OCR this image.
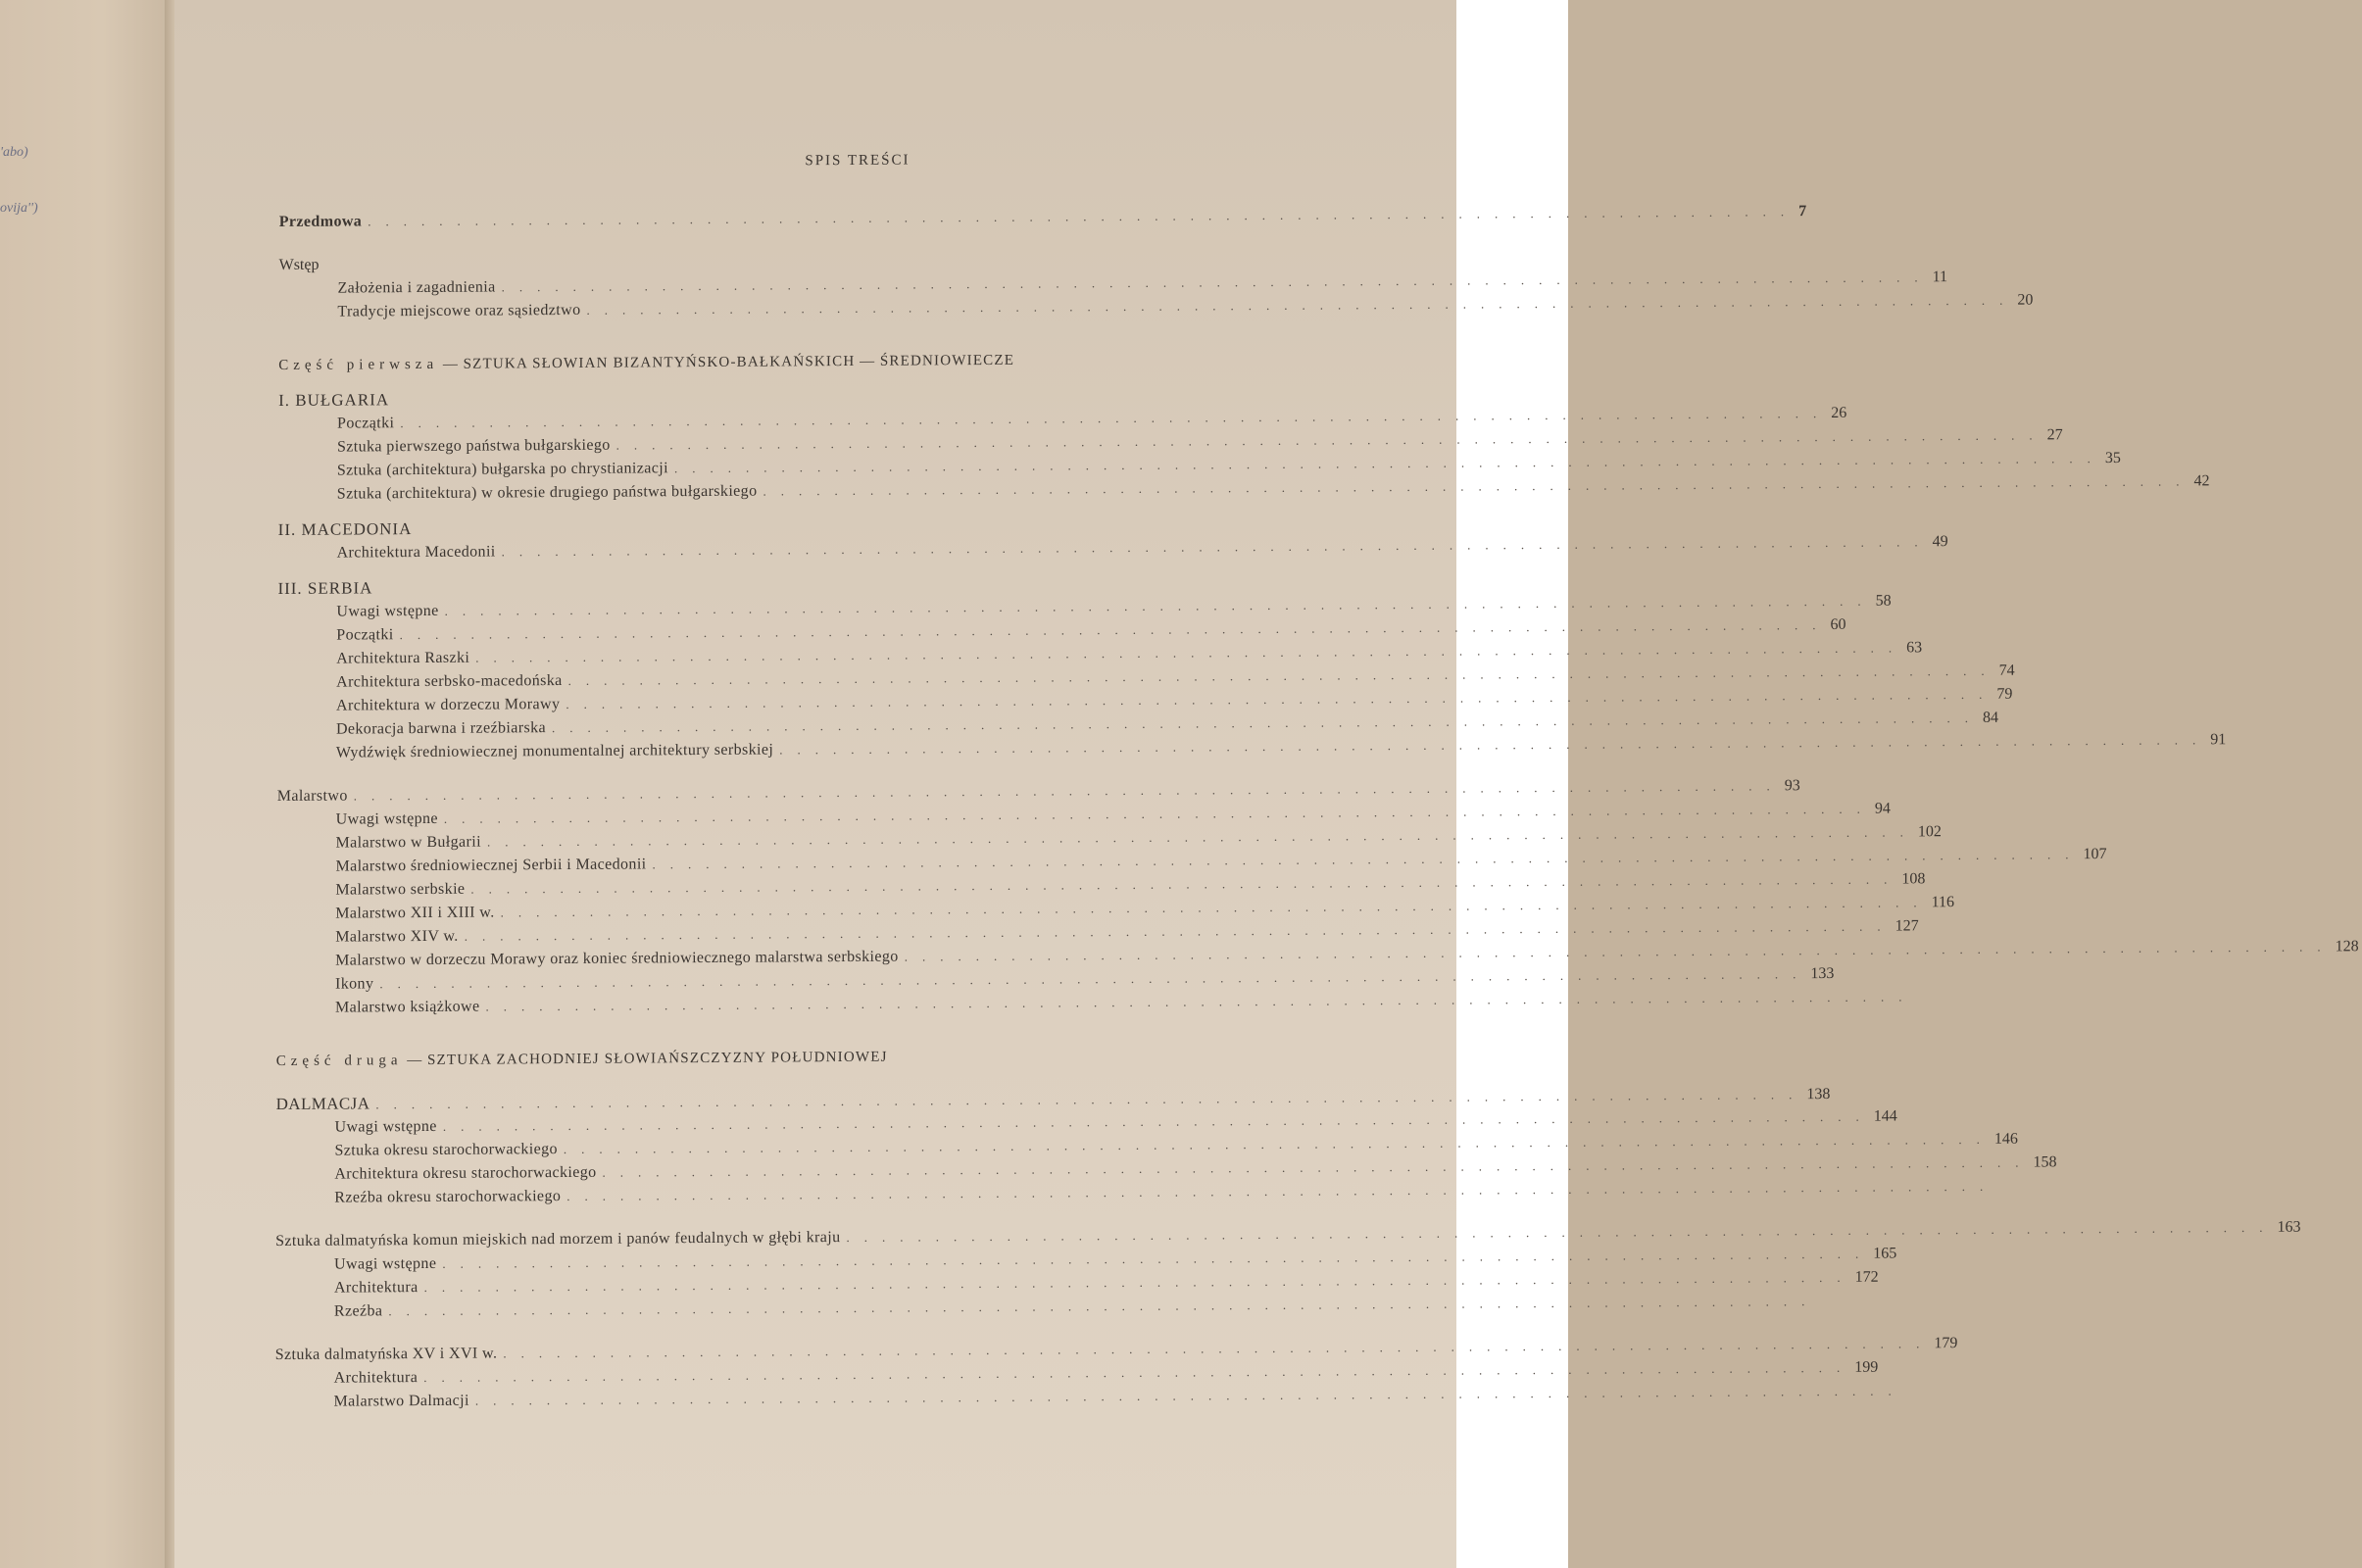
'abo)
ovija'')
SPIS TREŚCI
Przedmowa ................................................................................ 7
Wstęp
Założenia i zagadnienia ................................................................................ 11
Tradycje miejscowe oraz sąsiedztwo ................................................................................ 20
Część pierwsza — SZTUKA SŁOWIAN BIZANTYŃSKO-BAŁKAŃSKICH — ŚREDNIOWIECZE
I. BUŁGARIA
Początki ................................................................................ 26
Sztuka pierwszego państwa bułgarskiego ................................................................................ 27
Sztuka (architektura) bułgarska po chrystianizacji ................................................................................ 35
Sztuka (architektura) w okresie drugiego państwa bułgarskiego ................................................................................ 42
II. MACEDONIA
Architektura Macedonii ................................................................................ 49
III. SERBIA
Uwagi wstępne ................................................................................ 58
Początki ................................................................................ 60
Architektura Raszki ................................................................................ 63
Architektura serbsko-macedońska ................................................................................ 74
Architektura w dorzeczu Morawy ................................................................................ 79
Dekoracja barwna i rzeźbiarska ................................................................................ 84
Wydźwięk średniowiecznej monumentalnej architektury serbskiej ................................................................................ 91
Malarstwo ................................................................................ 93
Uwagi wstępne ................................................................................ 94
Malarstwo w Bułgarii ................................................................................ 102
Malarstwo średniowiecznej Serbii i Macedonii ................................................................................ 107
Malarstwo serbskie ................................................................................ 108
Malarstwo XII i XIII w. ................................................................................ 116
Malarstwo XIV w. ................................................................................ 127
Malarstwo w dorzeczu Morawy oraz koniec średniowiecznego malarstwa serbskiego ................................................................................ 128
Ikony ................................................................................ 133
Malarstwo książkowe ................................................................................
Część druga — SZTUKA ZACHODNIEJ SŁOWIAŃSZCZYZNY POŁUDNIOWEJ
DALMACJA ................................................................................ 138
Uwagi wstępne ................................................................................ 144
Sztuka okresu starochorwackiego ................................................................................ 146
Architektura okresu starochorwackiego ................................................................................ 158
Rzeźba okresu starochorwackiego ................................................................................
Sztuka dalmatyńska komun miejskich nad morzem i panów feudalnych w głębi kraju ................................................................................ 163
Uwagi wstępne ................................................................................ 165
Architektura ................................................................................ 172
Rzeźba ................................................................................
Sztuka dalmatyńska XV i XVI w. ................................................................................ 179
Architektura ................................................................................ 199
Malarstwo Dalmacji ................................................................................
